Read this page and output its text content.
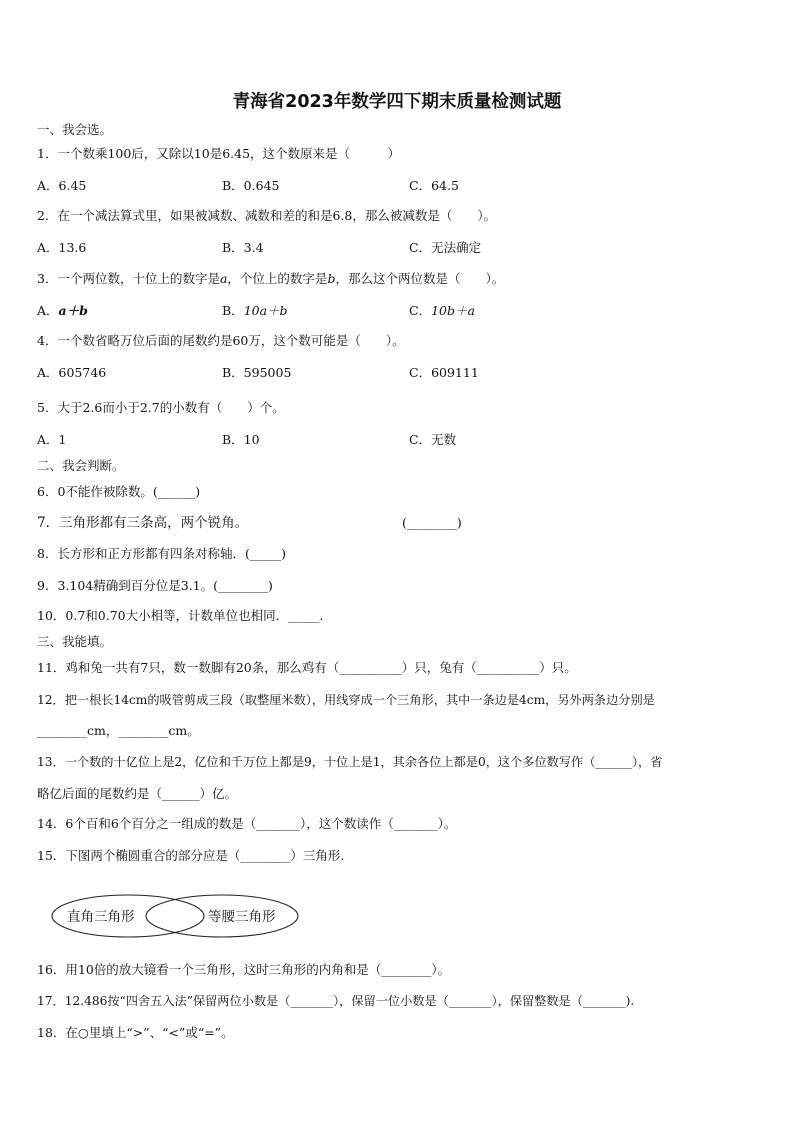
青海省2023年数学四下期末质量检测试题
一、我会选。
1．一个数乘100后，又除以10是6.45，这个数原来是（　　　）
A．6.45	B．0.645	C．64.5
2．在一个减法算式里，如果被减数、减数和差的和是6.8，那么被减数是（　　）。
A．13.6	B．3.4	C．无法确定
3．一个两位数，十位上的数字是a，个位上的数字是b，那么这个两位数是（　　）。
A．a＋b	B．10a＋b	C．10b＋a
4．一个数省略万位后面的尾数约是60万，这个数可能是（　　）。
A．605746	B．595005	C．609111
5．大于2.6而小于2.7的小数有（　　）个。
A．1	B．10	C．无数
二、我会判断。
6．0不能作被除数。(______)
7．三角形都有三条高，两个锐角。	(________)
8．长方形和正方形都有四条对称轴．(_____)
9．3.104精确到百分位是3.1。(________)
10．0.7和0.70大小相等，计数单位也相同．_____.
三、我能填。
11．鸡和兔一共有7只，数一数脚有20条，那么鸡有（__________）只，兔有（__________）只。
12．把一根长14cm的吸管剪成三段（取整厘米数），用线穿成一个三角形，其中一条边是4cm，另外两条边分别是
________cm，________cm。
13．一个数的十亿位上是2，亿位和千万位上都是9，十位上是1，其余各位上都是0，这个多位数写作（______），省
略亿后面的尾数约是（______）亿。
14．6个百和6个百分之一组成的数是（_______），这个数读作（_______）。
15．下图两个椭圆重合的部分应是（________）三角形.
直角三角形	等腰三角形
16．用10倍的放大镜看一个三角形，这时三角形的内角和是（________）。
17．12.486按“四舍五入法”保留两位小数是（_______），保留一位小数是（_______），保留整数是（_______).
18．在○里填上“>”、“<”或“=”。
